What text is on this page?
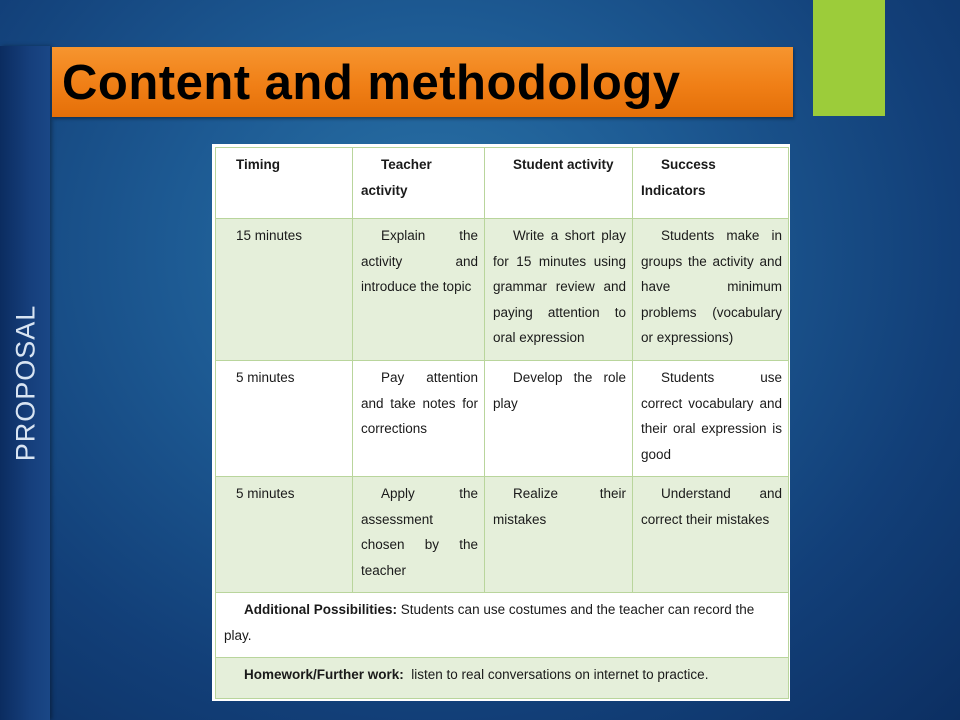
PROPOSAL
Content and methodology
Timing	Teacher activity	Student activity	Success Indicators
15 minutes	Explain the activity and introduce the topic	Write a short play for 15 minutes using grammar review and paying attention to oral expression	Students make in groups the activity and have minimum problems (vocabulary or expressions)
5 minutes	Pay attention and take notes for corrections	Develop the role play	Students use correct vocabulary and their oral expression is good
5 minutes	Apply the assessment chosen by the teacher	Realize their mistakes	Understand and correct their mistakes
Additional Possibilities: Students can use costumes and the teacher can record the play.			
Homework/Further work:  listen to real conversations on internet to practice.			
